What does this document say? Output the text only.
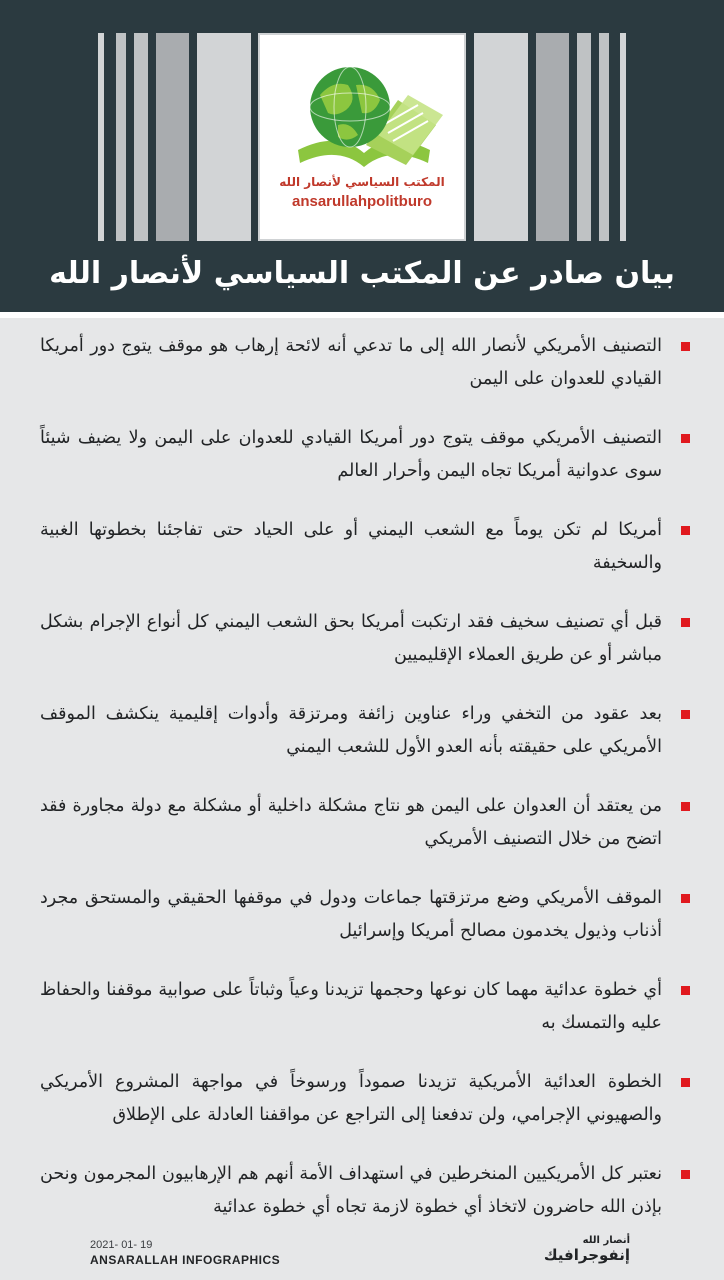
المكتب السياسي لأنصار الله
ansarullahpolitburo
بيان صادر عن المكتب السياسي لأنصار الله
التصنيف الأمريكي لأنصار الله إلى ما تدعي أنه لائحة إرهاب هو موقف يتوج دور أمريكا القيادي للعدوان على اليمن
التصنيف الأمريكي موقف يتوج دور أمريكا القيادي للعدوان على اليمن ولا يضيف شيئاً سوى عدوانية أمريكا تجاه اليمن وأحرار العالم
أمريكا لم تكن يوماً مع الشعب اليمني أو على الحياد حتى تفاجئنا بخطوتها الغبية والسخيفة
قبل أي تصنيف سخيف فقد ارتكبت أمريكا بحق الشعب اليمني كل أنواع الإجرام بشكل مباشر أو عن طريق العملاء الإقليميين
بعد عقود من التخفي وراء عناوين زائفة ومرتزقة وأدوات إقليمية ينكشف الموقف الأمريكي على حقيقته بأنه العدو الأول للشعب اليمني
من يعتقد أن العدوان على اليمن هو نتاج مشكلة داخلية أو مشكلة مع دولة مجاورة فقد اتضح من خلال التصنيف الأمريكي
الموقف الأمريكي وضع مرتزقتها جماعات ودول في موقفها الحقيقي والمستحق مجرد أذناب وذيول يخدمون مصالح أمريكا وإسرائيل
أي خطوة عدائية مهما كان نوعها وحجمها تزيدنا وعياً وثباتاً على صوابية موقفنا والحفاظ عليه والتمسك به
الخطوة العدائية الأمريكية تزيدنا صموداً ورسوخاً في مواجهة المشروع الأمريكي والصهيوني الإجرامي، ولن تدفعنا إلى التراجع عن مواقفنا العادلة على الإطلاق
نعتبر كل الأمريكيين المنخرطين في استهداف الأمة أنهم هم الإرهابيون المجرمون ونحن بإذن الله حاضرون لاتخاذ أي خطوة لازمة تجاه أي خطوة عدائية
2021- 01- 19
ANSARALLAH INFOGRAPHICS
أنصار الله
إنفوجرافيك
